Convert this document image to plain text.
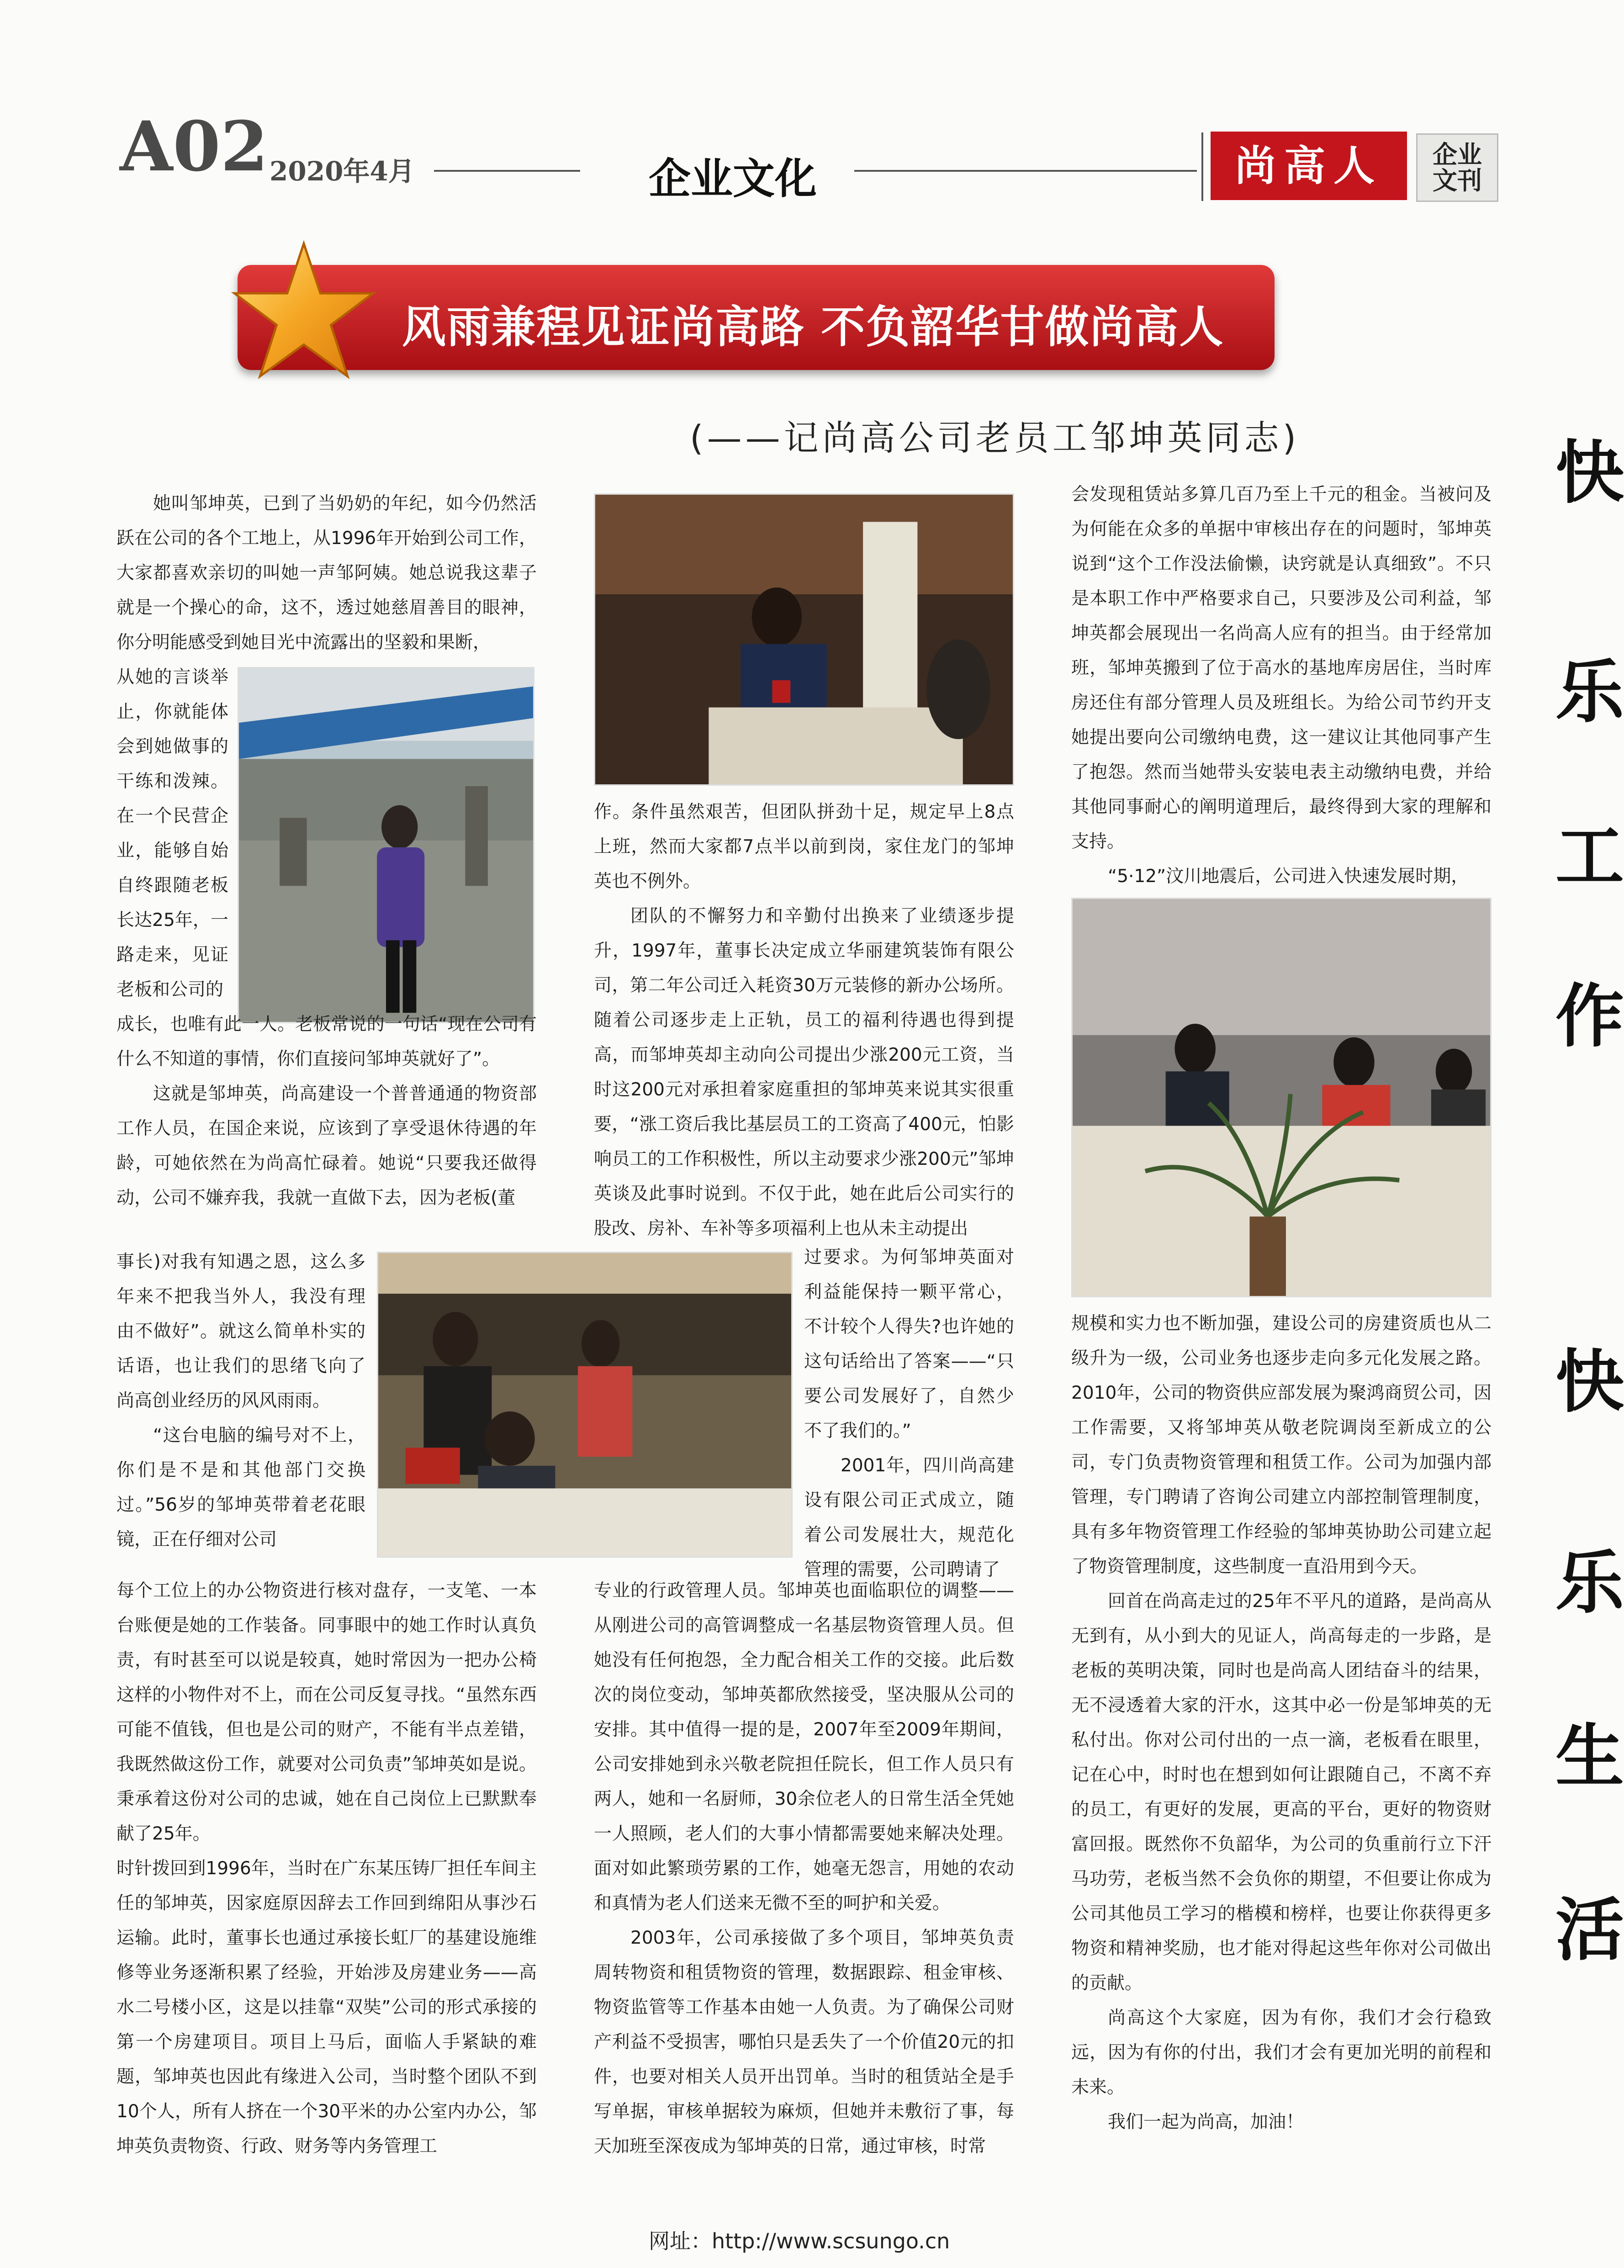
A02 2020年4月	企业文化	尚高人	企业
文刊
风雨兼程见证尚高路 不负韶华甘做尚高人
(——记尚高公司老员工邹坤英同志)	快
乐
工
作
快
乐
生
活

她叫邹坤英，已到了当奶奶的年纪，如今仍然活跃在公司的各个工地上，从1996年开始到公司工作，大家都喜欢亲切的叫她一声邹阿姨。她总说我这辈子就是一个操心的命，这不，透过她慈眉善目的眼神，你分明能感受到她目光中流露出的坚毅和果断，

从她的言谈举止，你就能体会到她做事的干练和泼辣。在一个民营企业，能够自始自终跟随老板长达25年，一路走来，见证老板和公司的

成长，也唯有此一人。老板常说的一句话“现在公司有什么不知道的事情，你们直接问邹坤英就好了”。

这就是邹坤英，尚高建设一个普普通通的物资部工作人员，在国企来说，应该到了享受退休待遇的年龄，可她依然在为尚高忙碌着。她说“只要我还做得动，公司不嫌弃我，我就一直做下去，因为老板(董

事长)对我有知遇之恩，这么多年来不把我当外人，我没有理由不做好”。就这么简单朴实的话语，也让我们的思绪飞向了尚高创业经历的风风雨雨。

“这台电脑的编号对不上，你们是不是和其他部门交换过。”56岁的邹坤英带着老花眼镜，正在仔细对公司

每个工位上的办公物资进行核对盘存，一支笔、一本台账便是她的工作装备。同事眼中的她工作时认真负责，有时甚至可以说是较真，她时常因为一把办公椅这样的小物件对不上，而在公司反复寻找。“虽然东西可能不值钱，但也是公司的财产，不能有半点差错，我既然做这份工作，就要对公司负责”邹坤英如是说。秉承着这份对公司的忠诚，她在自己岗位上已默默奉献了25年。

时针拨回到1996年，当时在广东某压铸厂担任车间主任的邹坤英，因家庭原因辞去工作回到绵阳从事沙石运输。此时，董事长也通过承接长虹厂的基建设施维修等业务逐渐积累了经验，开始涉及房建业务——高水二号楼小区，这是以挂靠“双奘”公司的形式承接的第一个房建项目。项目上马后，面临人手紧缺的难题，邹坤英也因此有缘进入公司，当时整个团队不到10个人，所有人挤在一个30平米的办公室内办公，邹坤英负责物资、行政、财务等内务管理工

作。条件虽然艰苦，但团队拼劲十足，规定早上8点上班，然而大家都7点半以前到岗，家住龙门的邹坤英也不例外。

团队的不懈努力和辛勤付出换来了业绩逐步提升，1997年，董事长决定成立华丽建筑装饰有限公司，第二年公司迁入耗资30万元装修的新办公场所。随着公司逐步走上正轨，员工的福利待遇也得到提高，而邹坤英却主动向公司提出少涨200元工资，当时这200元对承担着家庭重担的邹坤英来说其实很重要，“涨工资后我比基层员工的工资高了400元，怕影响员工的工作积极性，所以主动要求少涨200元”邹坤英谈及此事时说到。不仅于此，她在此后公司实行的股改、房补、车补等多项福利上也从未主动提出

过要求。为何邹坤英面对利益能保持一颗平常心，不计较个人得失?也许她的这句话给出了答案——“只要公司发展好了，自然少不了我们的。”

2001年，四川尚高建设有限公司正式成立，随着公司发展壮大，规范化管理的需要，公司聘请了

专业的行政管理人员。邹坤英也面临职位的调整——从刚进公司的高管调整成一名基层物资管理人员。但她没有任何抱怨，全力配合相关工作的交接。此后数次的岗位变动，邹坤英都欣然接受，坚决服从公司的安排。其中值得一提的是，2007年至2009年期间，公司安排她到永兴敬老院担任院长，但工作人员只有两人，她和一名厨师，30余位老人的日常生活全凭她一人照顾，老人们的大事小情都需要她来解决处理。面对如此繁琐劳累的工作，她毫无怨言，用她的农动和真情为老人们送来无微不至的呵护和关爱。

2003年，公司承接做了多个项目，邹坤英负责周转物资和租赁物资的管理，数据跟踪、租金审核、物资监管等工作基本由她一人负责。为了确保公司财产利益不受损害，哪怕只是丢失了一个价值20元的扣件，也要对相关人员开出罚单。当时的租赁站全是手写单据，审核单据较为麻烦，但她并未敷衍了事，每天加班至深夜成为邹坤英的日常，通过审核，时常

会发现租赁站多算几百乃至上千元的租金。当被问及为何能在众多的单据中审核出存在的问题时，邹坤英说到“这个工作没法偷懒，诀窍就是认真细致”。不只是本职工作中严格要求自己，只要涉及公司利益，邹坤英都会展现出一名尚高人应有的担当。由于经常加班，邹坤英搬到了位于高水的基地库房居住，当时库房还住有部分管理人员及班组长。为给公司节约开支她提出要向公司缴纳电费，这一建议让其他同事产生了抱怨。然而当她带头安装电表主动缴纳电费，并给其他同事耐心的阐明道理后，最终得到大家的理解和支持。

“5·12”汶川地震后，公司进入快速发展时期，

规模和实力也不断加强，建设公司的房建资质也从二级升为一级，公司业务也逐步走向多元化发展之路。2010年，公司的物资供应部发展为聚鸿商贸公司，因工作需要，又将邹坤英从敬老院调岗至新成立的公司，专门负责物资管理和租赁工作。公司为加强内部管理，专门聘请了咨询公司建立内部控制管理制度，具有多年物资管理工作经验的邹坤英协助公司建立起了物资管理制度，这些制度一直沿用到今天。

回首在尚高走过的25年不平凡的道路，是尚高从无到有，从小到大的见证人，尚高每走的一步路，是老板的英明决策，同时也是尚高人团结奋斗的结果，无不浸透着大家的汗水，这其中必一份是邹坤英的无私付出。你对公司付出的一点一滴，老板看在眼里，记在心中，时时也在想到如何让跟随自己，不离不弃的员工，有更好的发展，更高的平台，更好的物资财富回报。既然你不负韶华，为公司的负重前行立下汗马功劳，老板当然不会负你的期望，不但要让你成为公司其他员工学习的楷模和榜样，也要让你获得更多物资和精神奖励，也才能对得起这些年你对公司做出的贡献。

尚高这个大家庭，因为有你，我们才会行稳致远，因为有你的付出，我们才会有更加光明的前程和未来。

我们一起为尚高，加油！

网址：http://www.scsungo.cn
